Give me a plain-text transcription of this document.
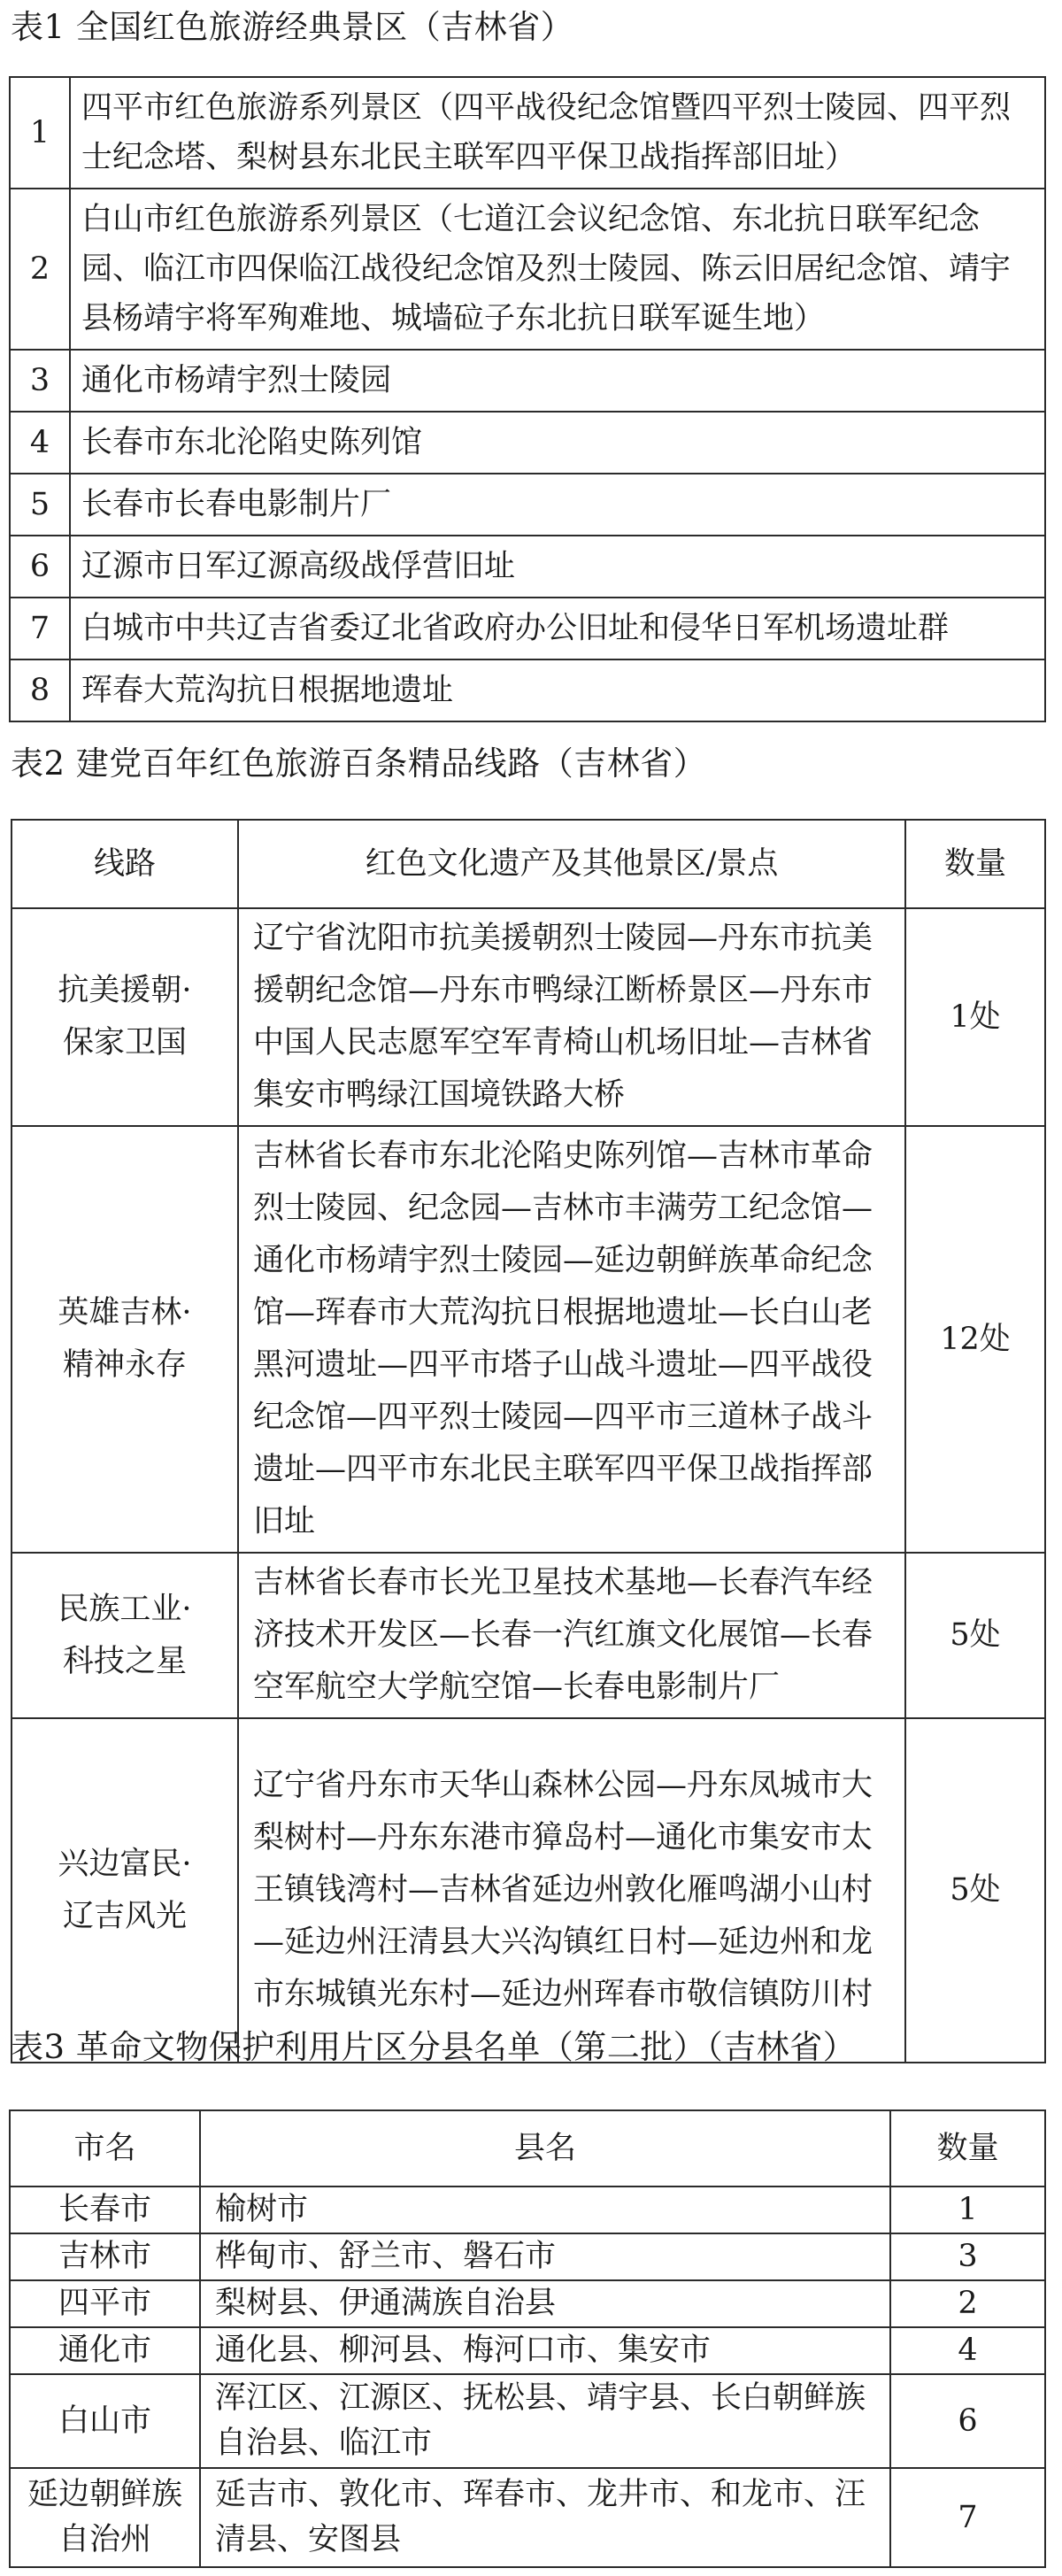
表1 全国红色旅游经典景区（吉林省）
1	四平市红色旅游系列景区（四平战役纪念馆暨四平烈士陵园、四平烈士纪念塔、梨树县东北民主联军四平保卫战指挥部旧址）
2	白山市红色旅游系列景区（七道江会议纪念馆、东北抗日联军纪念园、临江市四保临江战役纪念馆及烈士陵园、陈云旧居纪念馆、靖宇县杨靖宇将军殉难地、城墙砬子东北抗日联军诞生地）
3	通化市杨靖宇烈士陵园
4	长春市东北沦陷史陈列馆
5	长春市长春电影制片厂
6	辽源市日军辽源高级战俘营旧址
7	白城市中共辽吉省委辽北省政府办公旧址和侵华日军机场遗址群
8	珲春大荒沟抗日根据地遗址
表2 建党百年红色旅游百条精品线路（吉林省）
线路	红色文化遗产及其他景区/景点	数量

抗美援朝·
保家卫国	辽宁省沈阳市抗美援朝烈士陵园—丹东市抗美援朝纪念馆—丹东市鸭绿江断桥景区—丹东市中国人民志愿军空军青椅山机场旧址—吉林省集安市鸭绿江国境铁路大桥	1处

英雄吉林·
精神永存	吉林省长春市东北沦陷史陈列馆—吉林市革命烈士陵园、纪念园—吉林市丰满劳工纪念馆—通化市杨靖宇烈士陵园—延边朝鲜族革命纪念馆—珲春市大荒沟抗日根据地遗址—长白山老黑河遗址—四平市塔子山战斗遗址—四平战役纪念馆—四平烈士陵园—四平市三道林子战斗遗址—四平市东北民主联军四平保卫战指挥部旧址	12处

民族工业·
科技之星	吉林省长春市长光卫星技术基地—长春汽车经济技术开发区—长春一汽红旗文化展馆—长春空军航空大学航空馆—长春电影制片厂	5处

兴边富民·
辽吉风光	辽宁省丹东市天华山森林公园—丹东凤城市大梨树村—丹东东港市獐岛村—通化市集安市太王镇钱湾村—吉林省延边州敦化雁鸣湖小山村—延边州汪清县大兴沟镇红日村—延边州和龙市东城镇光东村—延边州珲春市敬信镇防川村	5处
表3 革命文物保护利用片区分县名单（第二批）（吉林省）
市名	县名	数量

长春市	榆树市	1

吉林市	桦甸市、舒兰市、磐石市	3

四平市	梨树县、伊通满族自治县	2

通化市	通化县、柳河县、梅河口市、集安市	4

白山市	浑江区、江源区、抚松县、靖宇县、长白朝鲜族自治县、临江市	6

延边朝鲜族
自治州	延吉市、敦化市、珲春市、龙井市、和龙市、汪清县、安图县	7
